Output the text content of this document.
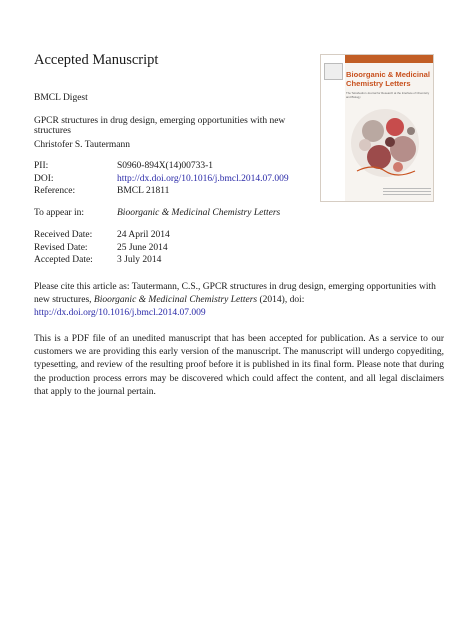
Accepted Manuscript
BMCL Digest
GPCR structures in drug design, emerging opportunities with new structures
Christofer S. Tautermann
PII:	S0960-894X(14)00733-1
DOI:	http://dx.doi.org/10.1016/j.bmcl.2014.07.009
Reference:	BMCL 21811
To appear in:	Bioorganic & Medicinal Chemistry Letters
Received Date:	24 April 2014
Revised Date:	25 June 2014
Accepted Date:	3 July 2014
Please cite this article as: Tautermann, C.S., GPCR structures in drug design, emerging opportunities with new structures, Bioorganic & Medicinal Chemistry Letters (2014), doi: http://dx.doi.org/10.1016/j.bmcl.2014.07.009
This is a PDF file of an unedited manuscript that has been accepted for publication. As a service to our customers we are providing this early version of the manuscript. The manuscript will undergo copyediting, typesetting, and review of the resulting proof before it is published in its final form. Please note that during the production process errors may be discovered which could affect the content, and all legal disclaimers that apply to the journal pertain.
Bioorganic & Medicinal Chemistry Letters
The Tetrahedron Journal for Research at the Interface of Chemistry and Biology
